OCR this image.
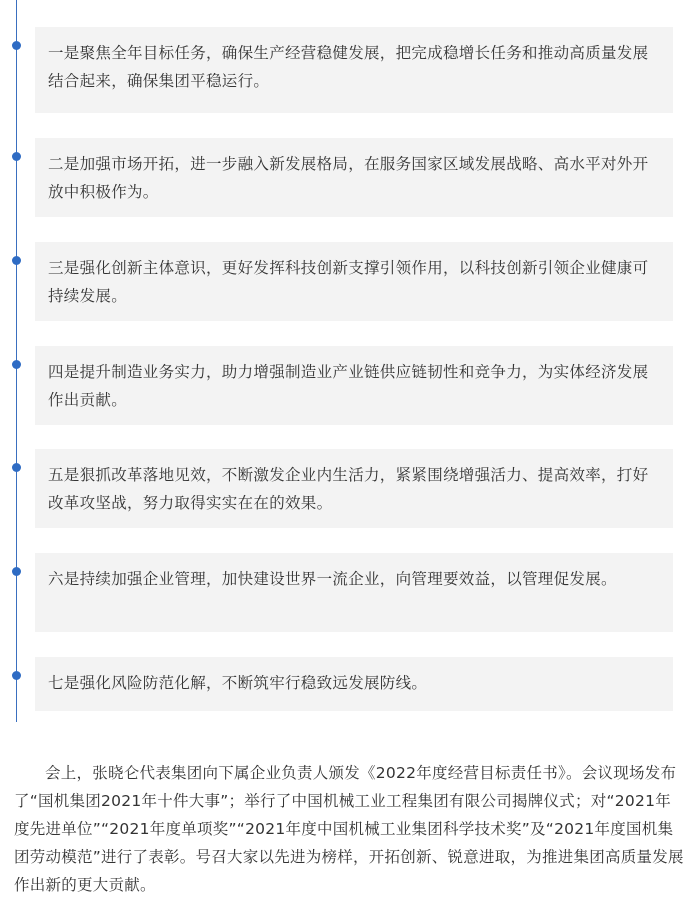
一是聚焦全年目标任务，确保生产经营稳健发展，把完成稳增长任务和推动高质量发展结合起来，确保集团平稳运行。
二是加强市场开拓，进一步融入新发展格局，在服务国家区域发展战略、高水平对外开放中积极作为。
三是强化创新主体意识，更好发挥科技创新支撑引领作用，以科技创新引领企业健康可持续发展。
四是提升制造业务实力，助力增强制造业产业链供应链韧性和竞争力，为实体经济发展作出贡献。
五是狠抓改革落地见效，不断激发企业内生活力，紧紧围绕增强活力、提高效率，打好改革攻坚战，努力取得实实在在的效果。
六是持续加强企业管理，加快建设世界一流企业，向管理要效益，以管理促发展。
七是强化风险防范化解，不断筑牢行稳致远发展防线。

会上，张晓仑代表集团向下属企业负责人颁发《2022年度经营目标责任书》。会议现场发布了“国机集团2021年十件大事”；举行了中国机械工业工程集团有限公司揭牌仪式；对“2021年度先进单位”“2021年度单项奖”“2021年度中国机械工业集团科学技术奖”及“2021年度国机集团劳动模范”进行了表彰。号召大家以先进为榜样，开拓创新、锐意进取，为推进集团高质量发展作出新的更大贡献。
